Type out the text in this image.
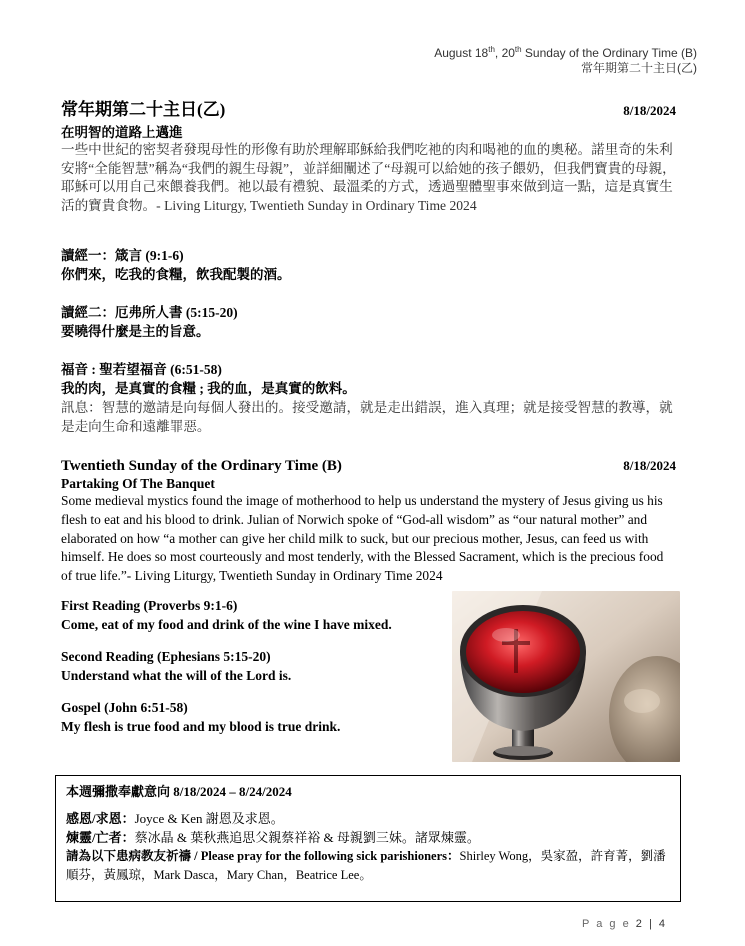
August 18th, 20th Sunday of the Ordinary Time (B)
常年期第二十主日(乙)
常年期第二十主日(乙)	8/18/2024
在明智的道路上邁進

一些中世紀的密契者發現母性的形像有助於理解耶穌給我們吃祂的肉和喝祂的血的奧秘。諾里奇的朱利安將“全能智慧”稱為“我們的親生母親”，並詳細闡述了“母親可以給她的孩子餵奶，但我們寶貴的母親，耶穌可以用自己來餵養我們。祂以最有禮貌、最溫柔的方式，透過聖體聖事來做到這一點，這是真實生活的寶貴食物。- Living Liturgy, Twentieth Sunday in Ordinary Time 2024

讀經一：箴言 (9:1-6)
你們來，吃我的食糧，飲我配製的酒。
讀經二：厄弗所人書 (5:15-20)
要曉得什麼是主的旨意。
福音 : 聖若望福音 (6:51-58)
我的肉，是真實的食糧 ; 我的血，是真實的飲料。

訊息：智慧的邀請是向每個人發出的。接受邀請，就是走出錯誤，進入真理；就是接受智慧的教導，就是走向生命和遠離罪惡。

Twentieth Sunday of the Ordinary Time (B)	8/18/2024
Partaking Of The Banquet

Some medieval mystics found the image of motherhood to help us understand the mystery of Jesus giving us his flesh to eat and his blood to drink. Julian of Norwich spoke of “God-all wisdom” as “our natural mother” and elaborated on how “a mother can give her child milk to suck, but our precious mother, Jesus, can feed us with himself. He does so most courteously and most tenderly, with the Blessed Sacrament, which is the precious food of true life.”- Living Liturgy, Twentieth Sunday in Ordinary Time 2024

First Reading (Proverbs 9:1-6)
Come, eat of my food and drink of the wine I have mixed.
Second Reading (Ephesians 5:15-20)
Understand what the will of the Lord is.
Gospel (John 6:51-58)
My flesh is true food and my blood is true drink.
本週彌撒奉獻意向 8/18/2024 – 8/24/2024
感恩/求恩：Joyce & Ken 謝恩及求恩。
煉靈/亡者：蔡冰晶 & 葉秋燕追思父親蔡祥裕 & 母親劉三妹。諸眾煉靈。
請為以下患病教友祈禱 / Please pray for the following sick parishioners：Shirley Wong，吳家盈，許育菁，劉潘順芬，黃鳳琼，Mark Dasca，Mary Chan，Beatrice Lee。
P a g e 2 | 4
